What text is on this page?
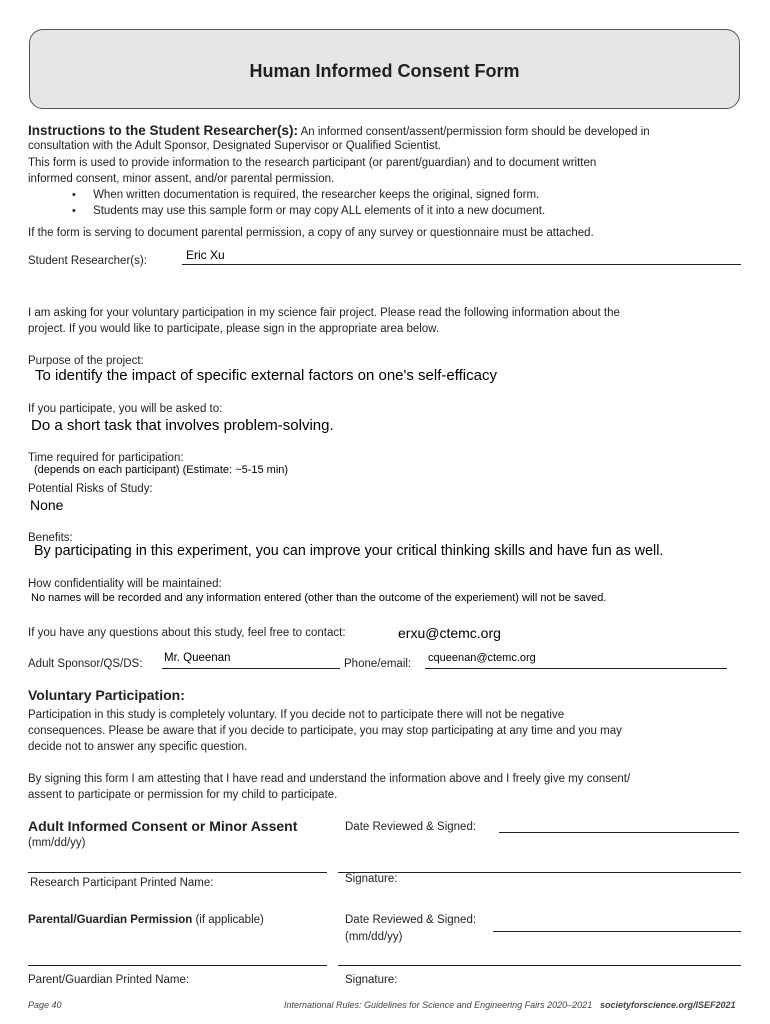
Human Informed Consent Form
Instructions to the Student Researcher(s): An informed consent/assent/permission form should be developed in
consultation with the Adult Sponsor, Designated Supervisor or Qualified Scientist.
This form is used to provide information to the research participant (or parent/guardian) and to document written
informed consent, minor assent, and/or parental permission.
• When written documentation is required, the researcher keeps the original, signed form.
• Students may use this sample form or may copy ALL elements of it into a new document.
If the form is serving to document parental permission, a copy of any survey or questionnaire must be attached.
Student Researcher(s):	Eric Xu
I am asking for your voluntary participation in my science fair project. Please read the following information about the
project. If you would like to participate, please sign in the appropriate area below.
Purpose of the project:
To identify the impact of specific external factors on one's self-efficacy
If you participate, you will be asked to:
Do a short task that involves problem-solving.
Time required for participation:
(depends on each participant) (Estimate: ~5-15 min)
Potential Risks of Study:
None
Benefits:
By participating in this experiment, you can improve your critical thinking skills and have fun as well.
How confidentiality will be maintained:
No names will be recorded and any information entered (other than the outcome of the experiement) will not be saved.
If you have any questions about this study, feel free to contact:	erxu@ctemc.org
Adult Sponsor/QS/DS: Mr. Queenan	Phone/email: cqueenan@ctemc.org
Voluntary Participation:
Participation in this study is completely voluntary. If you decide not to participate there will not be negative
consequences. Please be aware that if you decide to participate, you may stop participating at any time and you may
decide not to answer any specific question.
By signing this form I am attesting that I have read and understand the information above and I freely give my consent/
assent to participate or permission for my child to participate.
Adult Informed Consent or Minor Assent
(mm/dd/yy)
Date Reviewed & Signed:
Research Participant Printed Name:	Signature:
Parental/Guardian Permission (if applicable)	Date Reviewed & Signed:
(mm/dd/yy)
Parent/Guardian Printed Name:	Signature:
Page 40	International Rules: Guidelines for Science and Engineering Fairs 2020–2021 societyforscience.org/ISEF2021
